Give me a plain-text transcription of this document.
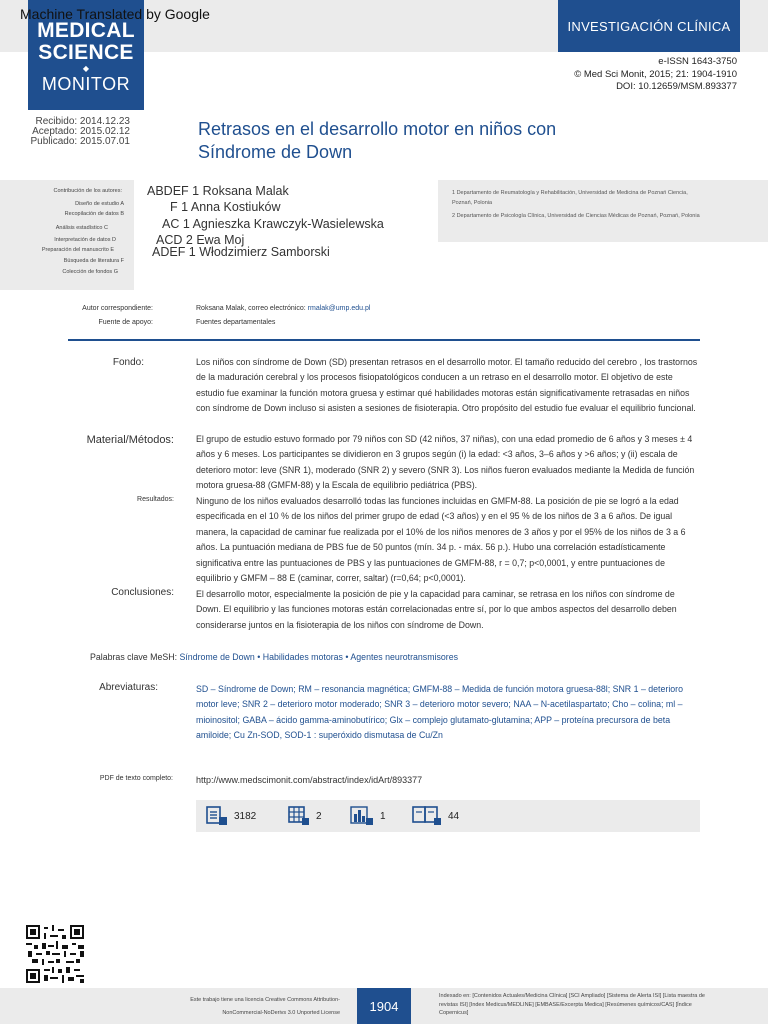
MEDICAL
SCIENCE
◆
MONITOR
Machine Translated by Google
INVESTIGACIÓN CLÍNICA
e-ISSN 1643-3750
© Med Sci Monit, 2015; 21: 1904-1910
DOI: 10.12659/MSM.893377
Recibido: 2014.12.23
Aceptado: 2015.02.12
Publicado: 2015.07.01
Retrasos en el desarrollo motor en niños con Síndrome de Down
Contribución de los autores:
Diseño de estudio A
Recopilación de datos B
Análisis estadístico C
Interpretación de datos D
Preparación del manuscrito E
Búsqueda de literatura F
Colección de fondos G
ABDEF 1 Roksana Malak
F 1 Anna Kostiuków
AC 1 Agnieszka Krawczyk-Wasielewska
ACD 2 Ewa Moj
ADEF 1 Włodzimierz Samborski
1 Departamento de Reumatología y Rehabilitación, Universidad de Medicina de Poznań Ciencia, Poznań, Polonia
2 Departamento de Psicología Clínica, Universidad de Ciencias Médicas de Poznań, Poznań, Polonia
Autor correspondiente:	Roksana Malak, correo electrónico: rmalak@ump.edu.pl
Fuente de apoyo:	Fuentes departamentales
Fondo:	Los niños con síndrome de Down (SD) presentan retrasos en el desarrollo motor. El tamaño reducido del cerebro , los trastornos de la maduración cerebral y los procesos fisiopatológicos conducen a un retraso en el desarrollo motor. El objetivo de este estudio fue examinar la función motora gruesa y estimar qué habilidades motoras están significativamente retrasadas en niños con síndrome de Down incluso si asisten a sesiones de fisioterapia. Otro propósito del estudio fue evaluar el equilibrio funcional.
Material/Métodos:	El grupo de estudio estuvo formado por 79 niños con SD (42 niños, 37 niñas), con una edad promedio de 6 años y 3 meses ± 4 años y 6 meses. Los participantes se dividieron en 3 grupos según (i) la edad: <3 años, 3–6 años y >6 años; y (ii) escala de deterioro motor: leve (SNR 1), moderado (SNR 2) y severo (SNR 3). Los niños fueron evaluados mediante la Medida de función motora gruesa-88 (GMFM-88) y la Escala de equilibrio pediátrica (PBS).
Resultados:	Ninguno de los niños evaluados desarrolló todas las funciones incluidas en GMFM-88. La posición de pie se logró a la edad especificada en el 10 % de los niños del primer grupo de edad (<3 años) y en el 95 % de los niños de 3 a 6 años. De igual manera, la capacidad de caminar fue realizada por el 10% de los niños menores de 3 años y por el 95% de los niños de 3 a 6 años. La puntuación mediana de PBS fue de 50 puntos (mín. 34 p. - máx. 56 p.). Hubo una correlación estadísticamente significativa entre las puntuaciones de PBS y las puntuaciones de GMFM-88, r = 0,7; p<0,0001, y entre puntuaciones de equilibrio y GMFM – 88 E (caminar, correr, saltar) (r=0,64; p<0,0001).
Conclusiones:	El desarrollo motor, especialmente la posición de pie y la capacidad para caminar, se retrasa en los niños con síndrome de Down. El equilibrio y las funciones motoras están correlacionadas entre sí, por lo que ambos aspectos del desarrollo deben considerarse juntos en la fisioterapia de los niños con síndrome de Down.
Palabras clave MeSH: Síndrome de Down • Habilidades motoras • Agentes neurotransmisores
Abreviaturas:	SD – Síndrome de Down; RM – resonancia magnética; GMFM-88 – Medida de función motora gruesa-88l; SNR 1 – deterioro motor leve; SNR 2 – deterioro motor moderado; SNR 3 – deterioro motor severo; NAA – N-acetilaspartato; Cho – colina; ml – mioinositol; GABA – ácido gamma-aminobutírico; Glx – complejo glutamato-glutamina; APP – proteína precursora de beta amiloide; Cu Zn-SOD, SOD-1 : superóxido dismutasa de Cu/Zn
PDF de texto completo:	http://www.medscimonit.com/abstract/index/idArt/893377
3182	2	1	44
Este trabajo tiene una licencia Creative Commons Attribution-
NonCommercial-NoDerivs 3.0 Unported License	1904
Indexado en: [Contenidos Actuales/Medicina Clínica] [SCI Ampliado] [Sistema de Alerta ISI] [Lista maestra de revistas ISI] [Index Medicus/MEDLINE] [EMBASE/Excerpta Medica] [Resúmenes químicos/CAS] [Índice Copernicus]
